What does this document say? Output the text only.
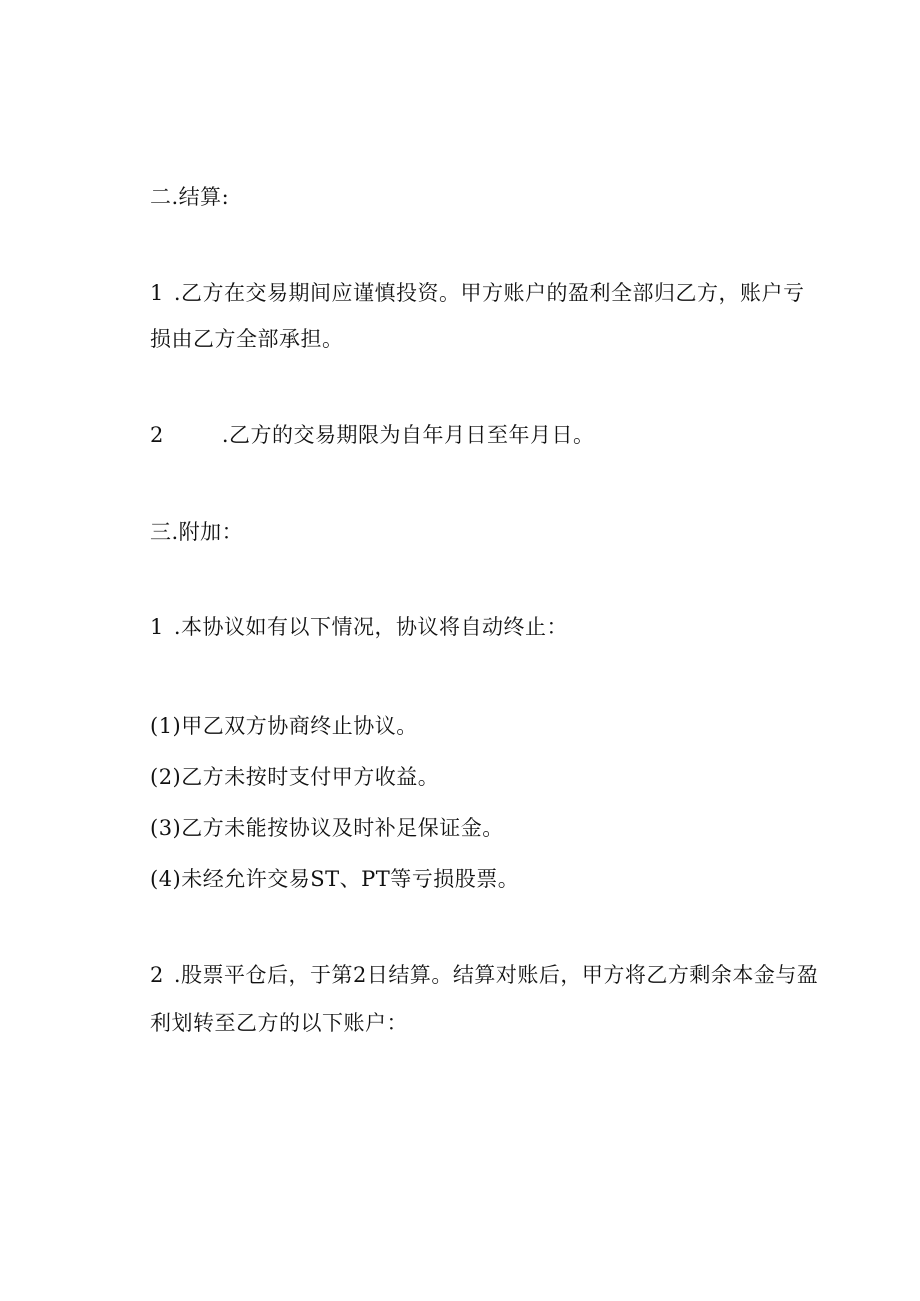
二.结算:
1 .乙方在交易期间应谨慎投资。甲方账户的盈利全部归乙方，账户亏
损由乙方全部承担。
2	.乙方的交易期限为自年月日至年月日。
三.附加：
1 .本协议如有以下情况，协议将自动终止：
(1)甲乙双方协商终止协议。
(2)乙方未按时支付甲方收益。
(3)乙方未能按协议及时补足保证金。
(4)未经允许交易ST、PT等亏损股票。
2 .股票平仓后，于第2日结算。结算对账后，甲方将乙方剩余本金与盈
利划转至乙方的以下账户：
